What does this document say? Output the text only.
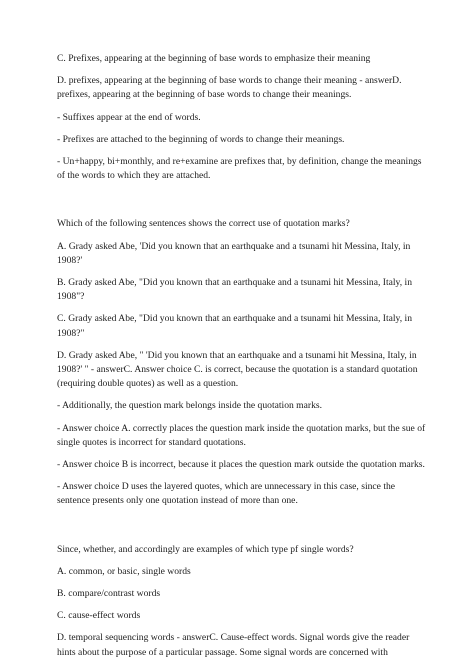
C. Prefixes, appearing at the beginning of base words to emphasize their meaning

D. prefixes, appearing at the beginning of base words to change their meaning - answerD. prefixes, appearing at the beginning of base words to change their meanings.

- Suffixes appear at the end of words.

- Prefixes are attached to the beginning of words to change their meanings.

- Un+happy, bi+monthly, and re+examine are prefixes that, by definition, change the meanings of the words to which they are attached.

Which of the following sentences shows the correct use of quotation marks?

A. Grady asked Abe, 'Did you known that an earthquake and a tsunami hit Messina, Italy, in 1908?'

B. Grady asked Abe, "Did you known that an earthquake and a tsunami hit Messina, Italy, in 1908"?

C. Grady asked Abe, "Did you known that an earthquake and a tsunami hit Messina, Italy, in 1908?"

D. Grady asked Abe, " 'Did you known that an earthquake and a tsunami hit Messina, Italy, in 1908?' " - answerC. Answer choice C. is correct, because the quotation is a standard quotation (requiring double quotes) as well as a question.

- Additionally, the question mark belongs inside the quotation marks.

- Answer choice A. correctly places the question mark inside the quotation marks, but the sue of single quotes is incorrect for standard quotations.

- Answer choice B is incorrect, because it places the question mark outside the quotation marks.

- Answer choice D uses the layered quotes, which are unnecessary in this case, since the sentence presents only one quotation instead of more than one.

Since, whether, and accordingly are examples of which type pf single words?

A. common, or basic, single words

B. compare/contrast words

C. cause-effect words

D. temporal sequencing words - answerC. Cause-effect words. Signal words give the reader hints about the purpose of a particular passage. Some signal words are concerned with
